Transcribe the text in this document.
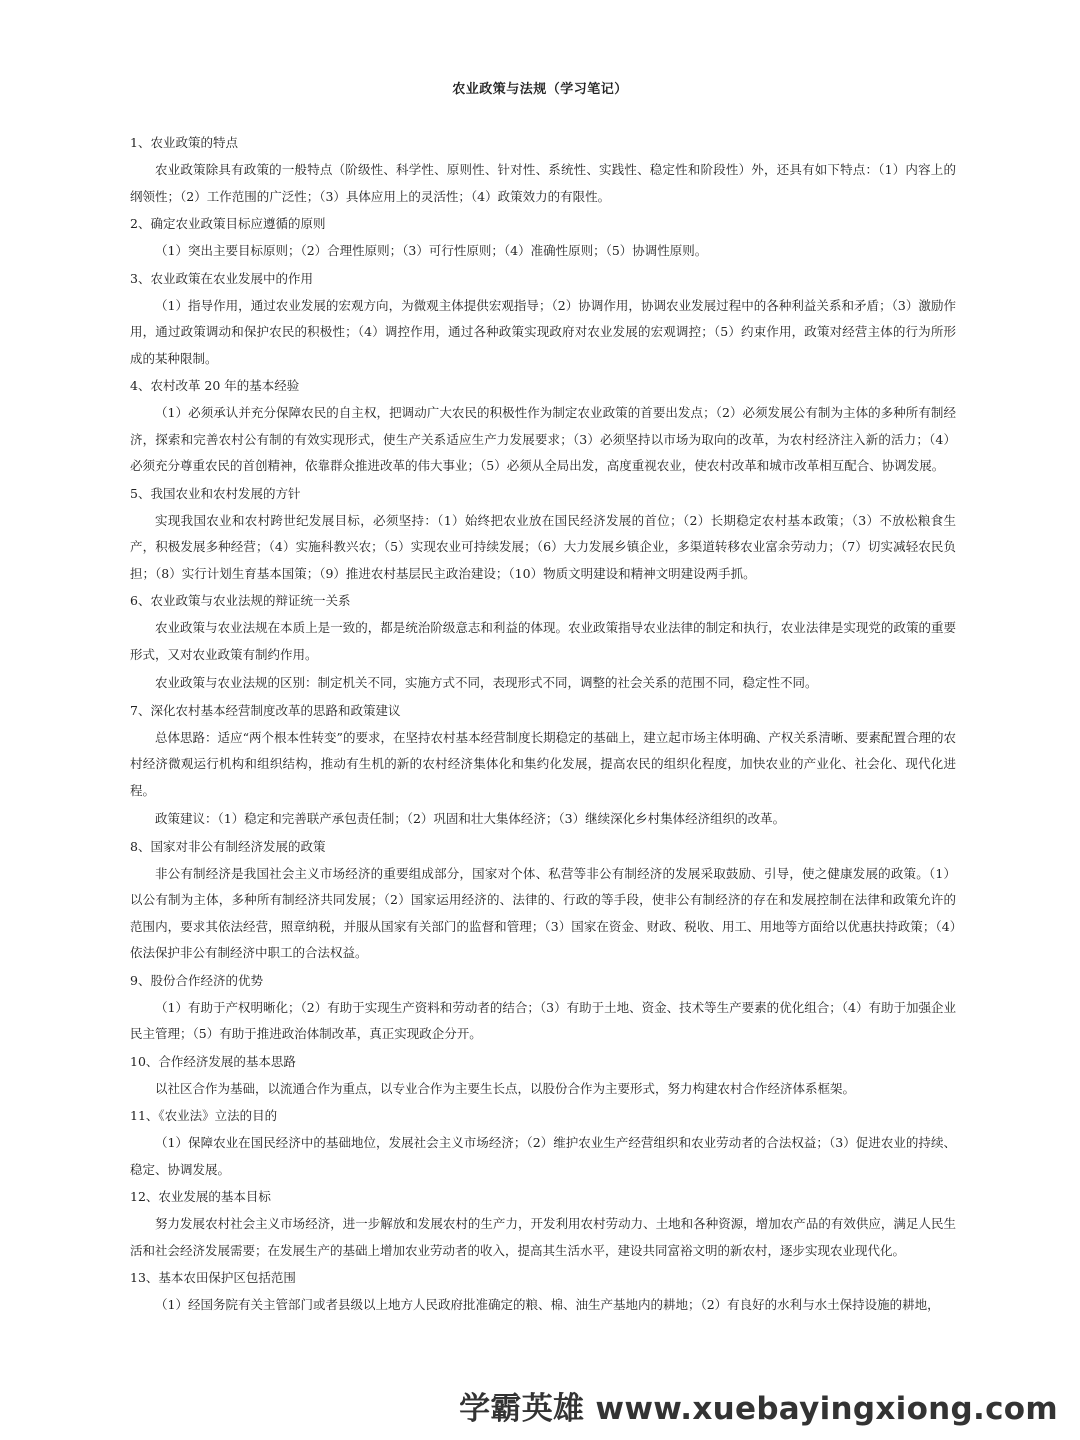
农业政策与法规（学习笔记）

1、农业政策的特点

农业政策除具有政策的一般特点（阶级性、科学性、原则性、针对性、系统性、实践性、稳定性和阶段性）外，还具有如下特点：（1）内容上的纲领性；（2）工作范围的广泛性；（3）具体应用上的灵活性；（4）政策效力的有限性。

2、确定农业政策目标应遵循的原则

（1）突出主要目标原则；（2）合理性原则；（3）可行性原则；（4）准确性原则；（5）协调性原则。

3、农业政策在农业发展中的作用

（1）指导作用，通过农业发展的宏观方向，为微观主体提供宏观指导；（2）协调作用，协调农业发展过程中的各种利益关系和矛盾；（3）激励作用，通过政策调动和保护农民的积极性；（4）调控作用，通过各种政策实现政府对农业发展的宏观调控；（5）约束作用，政策对经营主体的行为所形成的某种限制。

4、农村改革 20 年的基本经验

（1）必须承认并充分保障农民的自主权，把调动广大农民的积极性作为制定农业政策的首要出发点；（2）必须发展公有制为主体的多种所有制经济，探索和完善农村公有制的有效实现形式，使生产关系适应生产力发展要求；（3）必须坚持以市场为取向的改革，为农村经济注入新的活力；（4）必须充分尊重农民的首创精神，依靠群众推进改革的伟大事业；（5）必须从全局出发，高度重视农业，使农村改革和城市改革相互配合、协调发展。

5、我国农业和农村发展的方针

实现我国农业和农村跨世纪发展目标，必须坚持：（1）始终把农业放在国民经济发展的首位；（2）长期稳定农村基本政策；（3）不放松粮食生产，积极发展多种经营；（4）实施科教兴农；（5）实现农业可持续发展；（6）大力发展乡镇企业，多渠道转移农业富余劳动力；（7）切实减轻农民负担；（8）实行计划生育基本国策；（9）推进农村基层民主政治建设；（10）物质文明建设和精神文明建设两手抓。

6、农业政策与农业法规的辩证统一关系

农业政策与农业法规在本质上是一致的，都是统治阶级意志和利益的体现。农业政策指导农业法律的制定和执行，农业法律是实现党的政策的重要形式，又对农业政策有制约作用。

农业政策与农业法规的区别：制定机关不同，实施方式不同，表现形式不同，调整的社会关系的范围不同，稳定性不同。

7、深化农村基本经营制度改革的思路和政策建议

总体思路：适应“两个根本性转变”的要求，在坚持农村基本经营制度长期稳定的基础上，建立起市场主体明确、产权关系清晰、要素配置合理的农村经济微观运行机构和组织结构，推动有生机的新的农村经济集体化和集约化发展，提高农民的组织化程度，加快农业的产业化、社会化、现代化进程。

政策建议：（1）稳定和完善联产承包责任制；（2）巩固和壮大集体经济；（3）继续深化乡村集体经济组织的改革。

8、国家对非公有制经济发展的政策

非公有制经济是我国社会主义市场经济的重要组成部分，国家对个体、私营等非公有制经济的发展采取鼓励、引导，使之健康发展的政策。（1）以公有制为主体，多种所有制经济共同发展；（2）国家运用经济的、法律的、行政的等手段，使非公有制经济的存在和发展控制在法律和政策允许的范围内，要求其依法经营，照章纳税，并服从国家有关部门的监督和管理；（3）国家在资金、财政、税收、用工、用地等方面给以优惠扶持政策；（4）依法保护非公有制经济中职工的合法权益。

9、股份合作经济的优势

（1）有助于产权明晰化；（2）有助于实现生产资料和劳动者的结合；（3）有助于土地、资金、技术等生产要素的优化组合；（4）有助于加强企业民主管理；（5）有助于推进政治体制改革，真正实现政企分开。

10、合作经济发展的基本思路

以社区合作为基础，以流通合作为重点，以专业合作为主要生长点，以股份合作为主要形式，努力构建农村合作经济体系框架。

11、《农业法》立法的目的

（1）保障农业在国民经济中的基础地位，发展社会主义市场经济；（2）维护农业生产经营组织和农业劳动者的合法权益；（3）促进农业的持续、稳定、协调发展。

12、农业发展的基本目标

努力发展农村社会主义市场经济，进一步解放和发展农村的生产力，开发利用农村劳动力、土地和各种资源，增加农产品的有效供应，满足人民生活和社会经济发展需要；在发展生产的基础上增加农业劳动者的收入，提高其生活水平，建设共同富裕文明的新农村，逐步实现农业现代化。

13、基本农田保护区包括范围

（1）经国务院有关主管部门或者县级以上地方人民政府批准确定的粮、棉、油生产基地内的耕地；（2）有良好的水利与水土保持设施的耕地，

学霸英雄 www.xuebayingxiong.com
